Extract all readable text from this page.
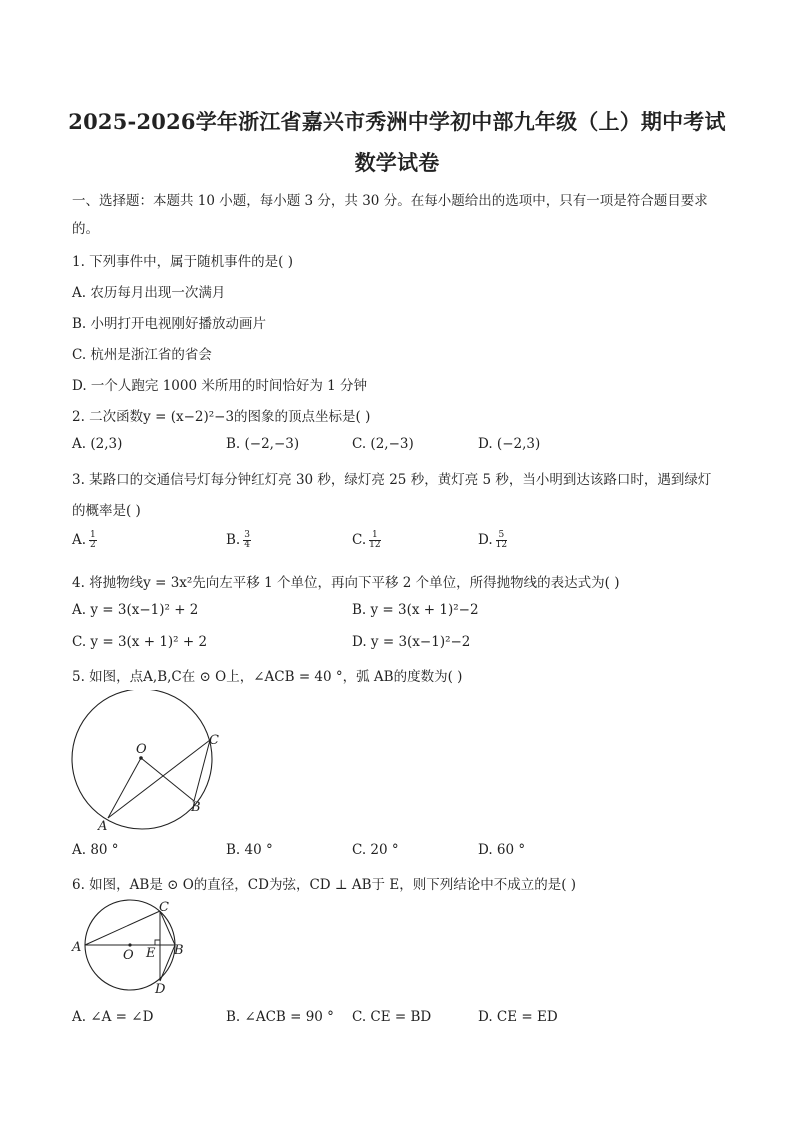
2025-2026学年浙江省嘉兴市秀洲中学初中部九年级（上）期中考试
数学试卷
一、选择题：本题共 10 小题，每小题 3 分，共 30 分。在每小题给出的选项中，只有一项是符合题目要求
的。
1. 下列事件中，属于随机事件的是( )
A. 农历每月出现一次满月
B. 小明打开电视刚好播放动画片
C. 杭州是浙江省的省会
D. 一个人跑完 1000 米所用的时间恰好为 1 分钟
2. 二次函数y = (x−2)²−3的图象的顶点坐标是( )
A. (2,3)	B. (−2,−3)	C. (2,−3)	D. (−2,3)
3. 某路口的交通信号灯每分钟红灯亮 30 秒，绿灯亮 25 秒，黄灯亮 5 秒，当小明到达该路口时，遇到绿灯
的概率是( )
A. $\frac{1}{2}$	B. $\frac{3}{4}$	C. $\frac{1}{12}$	D. $\frac{5}{12}$
4. 将抛物线y = 3x²先向左平移 1 个单位，再向下平移 2 个单位，所得抛物线的表达式为( )
A. y = 3(x−1)² + 2	B. y = 3(x + 1)²−2
C. y = 3(x + 1)² + 2	D. y = 3(x−1)²−2
5. 如图，点A,B,C在 ⊙ O上，∠ACB = 40 °，弧 AB的度数为( )
O
C
B
A
A. 80 °	B. 40 °	C. 20 °	D. 60 °
6. 如图，AB是 ⊙ O的直径，CD为弦，CD ⊥ AB于 E，则下列结论中不成立的是( )
A
C
O E B
D
A. ∠A = ∠D	B. ∠ACB = 90 ° C. CE = BD	D. CE = ED
